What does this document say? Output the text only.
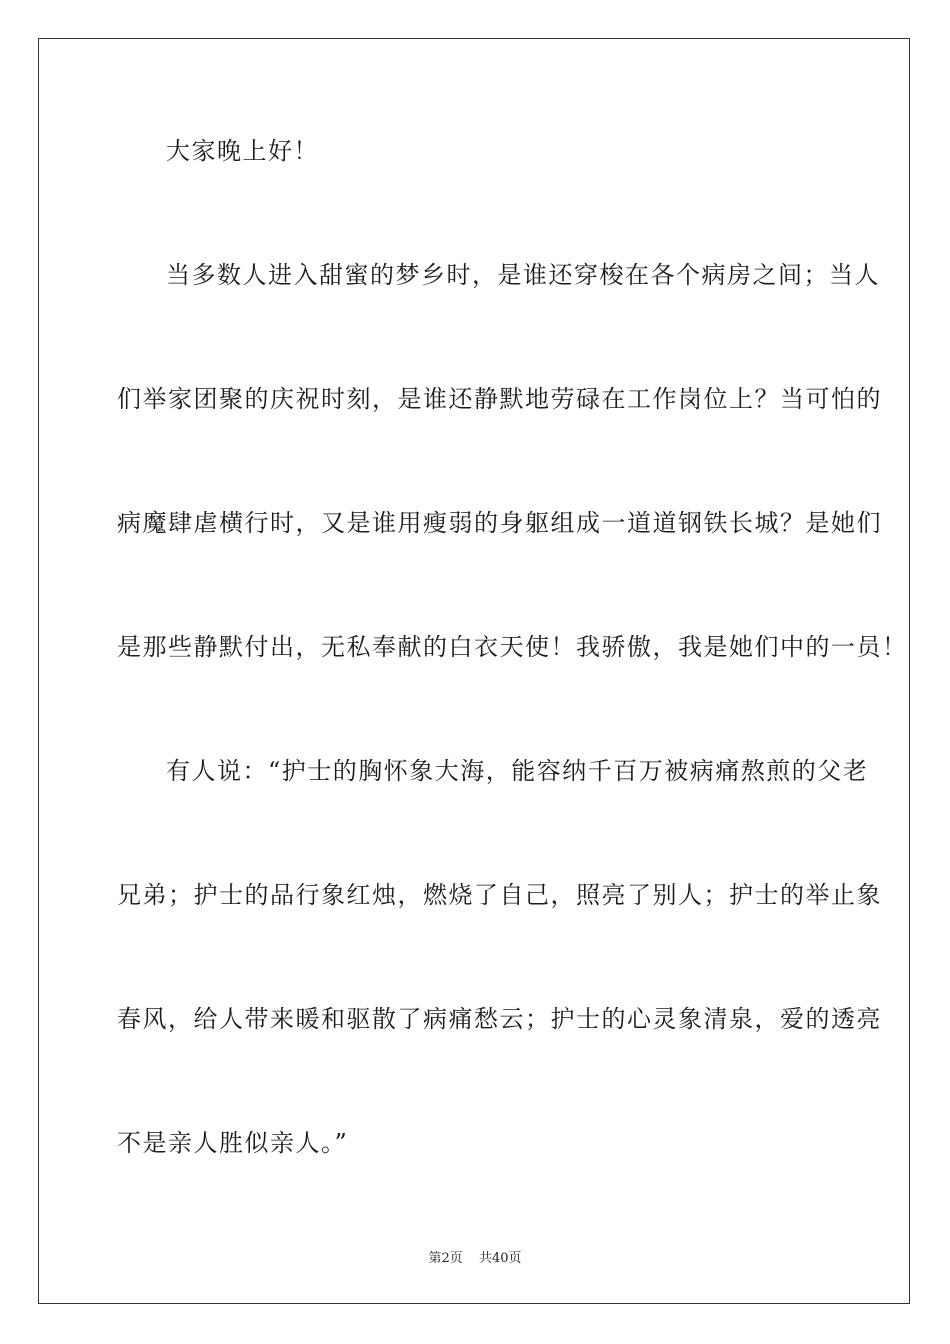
大家晚上好！
当多数人进入甜蜜的梦乡时，是谁还穿梭在各个病房之间；当人
们举家团聚的庆祝时刻，是谁还静默地劳碌在工作岗位上？当可怕的
病魔肆虐横行时，又是谁用瘦弱的身躯组成一道道钢铁长城？是她们
是那些静默付出，无私奉献的白衣天使！我骄傲，我是她们中的一员！
有人说：“护士的胸怀象大海，能容纳千百万被病痛熬煎的父老
兄弟；护士的品行象红烛，燃烧了自己，照亮了别人；护士的举止象
春风，给人带来暖和驱散了病痛愁云；护士的心灵象清泉，爱的透亮
不是亲人胜似亲人。”
第2页 共40页
